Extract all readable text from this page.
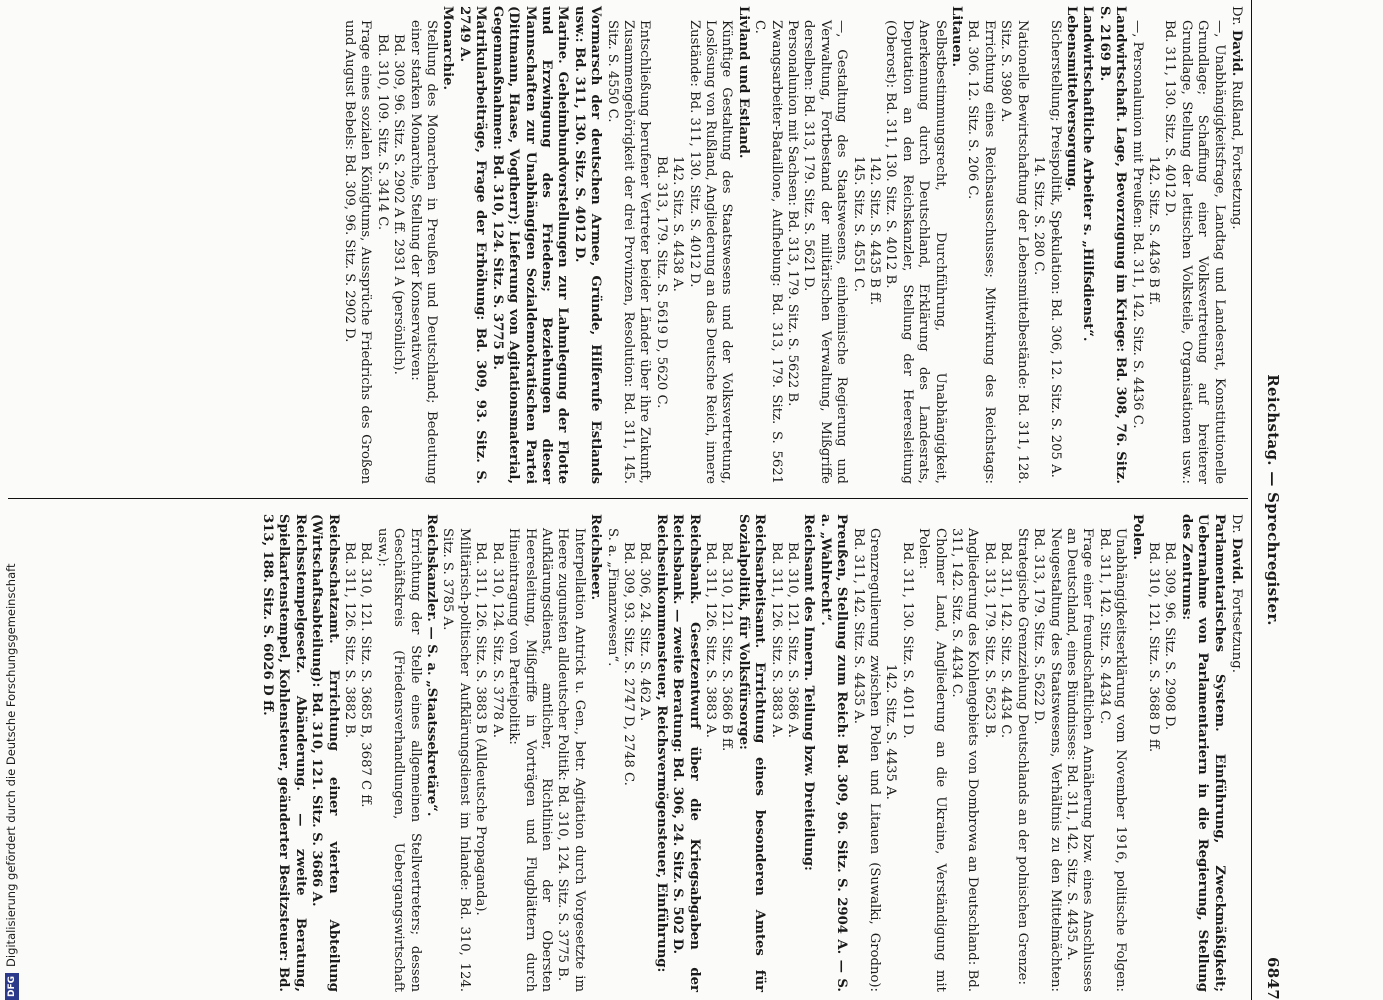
Reichstag. — Sprechregister.
6847

Dr. David. Rußland, Fortsetzung.

—, Unabhängigkeitsfrage, Landtag und Landesrat, Konstitutionelle Grundlage; Schaffung einer Volksvertretung auf breiterer Grundlage, Stellung der lettischen Volksteile, Organisationen usw.: Bd. 311, 130. Sitz. S. 4012 D.

142. Sitz. S. 4436 B ff.

—, Personalunion mit Preußen: Bd. 311, 142. Sitz. S. 4436 C.

Landwirtschaft. Lage, Bevorzugung im Kriege: Bd. 308, 76. Sitz. S. 2169 B.

Landwirtschaftliche Arbeiter s. „Hilfsdienst“.

Lebensmittelversorgung.

Sicherstellung; Preispolitik, Spekulation: Bd. 306, 12. Sitz. S. 205 A.

14. Sitz. S. 280 C.

Nationelle Bewirtschaftung der Lebensmittelbestände: Bd. 311, 128. Sitz. S. 3980 A.

Errichtung eines Reichsausschusses; Mitwirkung des Reichstags: Bd. 306. 12. Sitz. S. 206 C.

Litauen.

Selbstbestimmungsrecht, Durchführung, Unabhängigkeit, Anerkennung durch Deutschland, Erklärung des Landesrats, Deputation an den Reichskanzler, Stellung der Heeresleitung (Oberost): Bd. 311, 130. Sitz. S. 4012 B.

142. Sitz. S. 4435 B ff.

145. Sitz. S. 4551 C.

—, Gestaltung des Staatswesens, einheimische Regierung und Verwaltung, Fortbestand der militärischen Verwaltung, Mißgriffe derselben: Bd. 313, 179. Sitz. S. 5621 D.

Personalunion mit Sachsen: Bd. 313, 179. Sitz. S. 5622 B.

Zwangsarbeiter-Bataillone, Aufhebung: Bd. 313, 179. Sitz. S. 5621 C.

Livland und Estland.

Künftige Gestaltung des Staatswesens und der Volksvertretung, Loslösung von Rußland, Angliederung an das Deutsche Reich, innere Zustände: Bd. 311, 130. Sitz. S. 4012 D.

142. Sitz. S. 4438 A.

Bd. 313, 179. Sitz. S. 5619 D, 5620 C.

Entschließung berufener Vertreter beider Länder über ihre Zukunft, Zusammengehörigkeit der drei Provinzen, Resolution: Bd. 311, 145. Sitz. S. 4550 C.

Vormarsch der deutschen Armee, Gründe, Hilferufe Estlands usw.: Bd. 311, 130. Sitz. S. 4012 D.

Marine. Geheimbundvorstellungen zur Lahmlegung der Flotte und Erzwingung des Friedens; Beziehungen dieser Mannschaften zur Unabhängigen Sozialdemokratischen Partei (Dittmann, Haase, Vogtherr); Lieferung von Agitationsmaterial, Gegenmaßnahmen: Bd. 310, 124. Sitz. S. 3775 B.

Matrikularbeiträge, Frage der Erhöhung: Bd. 309, 93. Sitz. S. 2749 A.

Monarchie.

Stellung des Monarchen in Preußen und Deutschland; Bedeutung einer starken Monarchie, Stellung der Konservativen:

Bd. 309, 96. Sitz. S. 2902 A ff. 2931 A (persönlich).

Bd. 310, 109. Sitz. S. 3414 C.

Frage eines sozialen Königtums, Aussprüche Friedrichs des Großen und August Bebels: Bd. 309, 96. Sitz. S. 2902 D.

Dr. David. Fortsetzung.

Parlamentarisches System. Einführung, Zweckmäßigkeit; Uebernahme von Parlamentariern in die Regierung, Stellung des Zentrums:

Bd. 309, 96. Sitz. S. 2908 D.

Bd. 310, 121. Sitz. S. 3688 D ff.

Polen.

Unabhängigkeitserklärung vom November 1916, politische Folgen: Bd. 311, 142. Sitz. S. 4434 C.

Frage einer freundschaftlichen Annäherung bzw. eines Anschlusses an Deutschland, eines Bündnisses: Bd. 311, 142. Sitz. S. 4435 A.

Neugestaltung des Staatswesens, Verhältnis zu den Mittelmächten: Bd. 313, 179. Sitz. S. 5622 D.

Strategische Grenzziehung Deutschlands an der polnischen Grenze:

Bd. 311, 142. Sitz. S. 4434 C.

Bd. 313, 179. Sitz. S. 5623 B.

Angliederung des Kohlengebiets von Dombrowa an Deutschland: Bd. 311, 142. Sitz. S. 4434 C.

Cholmer Land, Angliederung an die Ukraine, Verständigung mit Polen:

Bd. 311, 130. Sitz. S. 4011 D.

142. Sitz. S. 4435 A.

Grenzregulierung zwischen Polen und Litauen (Suwalki, Grodno): Bd. 311, 142. Sitz. S. 4435 A.

Preußen, Stellung zum Reich: Bd. 309, 96. Sitz. S. 2904 A. — S. a. „Wahlrecht“.

Reichsamt des Innern. Teilung bzw. Dreiteilung:

Bd. 310, 121. Sitz. S. 3686 A.

Bd. 311, 126. Sitz. S. 3883 A.

Reichsarbeitsamt. Errichtung eines besonderen Amtes für Sozialpolitik, für Volksfürsorge:

Bd. 310, 121. Sitz. S. 3686 B ff.

Bd. 311, 126. Sitz. S. 3883 A.

Reichsbank. Gesetzentwurf über die Kriegsabgaben der Reichsbank. — zweite Beratung: Bd. 306, 24. Sitz. S. 502 D.

Reichseinkommensteuer, Reichsvermögensteuer, Einführung:

Bd. 306, 24. Sitz. S. 462 A.

Bd. 309, 93. Sitz. S. 2747 D, 2748 C.

S. a. „Finanzwesen“.

Reichsheer.

Interpellation Antrick u. Gen., betr. Agitation durch Vorgesetzte im Heere zugunsten alldeutscher Politik: Bd. 310, 124. Sitz. S. 3775 B.

Aufklärungsdienst, amtlicher, Richtlinien der Obersten Heeresleitung, Mißgriffe in Vorträgen und Flugblättern durch Hineintragung von Parteipolitik:

Bd. 310, 124. Sitz. S. 3778 A.

Bd. 311, 126. Sitz. S. 3883 B (Alldeutsche Propaganda).

Militärisch-politischer Aufklärungsdienst im Inlande: Bd. 310, 124. Sitz. S. 3785 A.

Reichskanzler. — S. a. „Staatssekretäre“.

Errichtung der Stelle eines allgemeinen Stellvertreters; dessen Geschäftskreis (Friedensverhandlungen, Uebergangswirtschaft usw.):

Bd. 310, 121. Sitz. S. 3685 B, 3687 C ff.

Bd. 311, 126. Sitz. S. 3882 B.

Reichsschatzamt. Errichtung einer vierten Abteilung (Wirtschaftsabteilung): Bd. 310, 121. Sitz. S. 3686 A.

Reichsstempelgesetz. Abänderung. — zweite Beratung, Spielkartenstempel, Kohlensteuer, geänderter Besitzsteuer: Bd. 313, 188. Sitz. S. 6026 D ff.

DFGDigitalisierung gefördert durch die Deutsche Forschungsgemeinschaft
